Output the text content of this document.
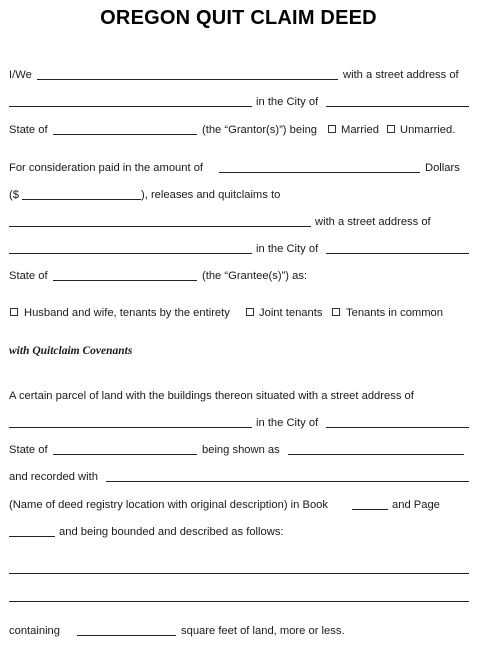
OREGON QUIT CLAIM DEED
I/We	with a street address of
in the City of
State of	(the “Grantor(s)”) being Married Unmarried.
For consideration paid in the amount of	Dollars
($	), releases and quitclaims to
with a street address of
in the City of
State of	(the “Grantee(s)”) as:
Husband and wife, tenants by the entirety	Joint tenants Tenants in common
with Quitclaim Covenants
A certain parcel of land with the buildings thereon situated with a street address of
in the City of
State of	being shown as
and recorded with
(Name of deed registry location with original description) in Book	and Page
and being bounded and described as follows:
containing	square feet of land, more or less.
